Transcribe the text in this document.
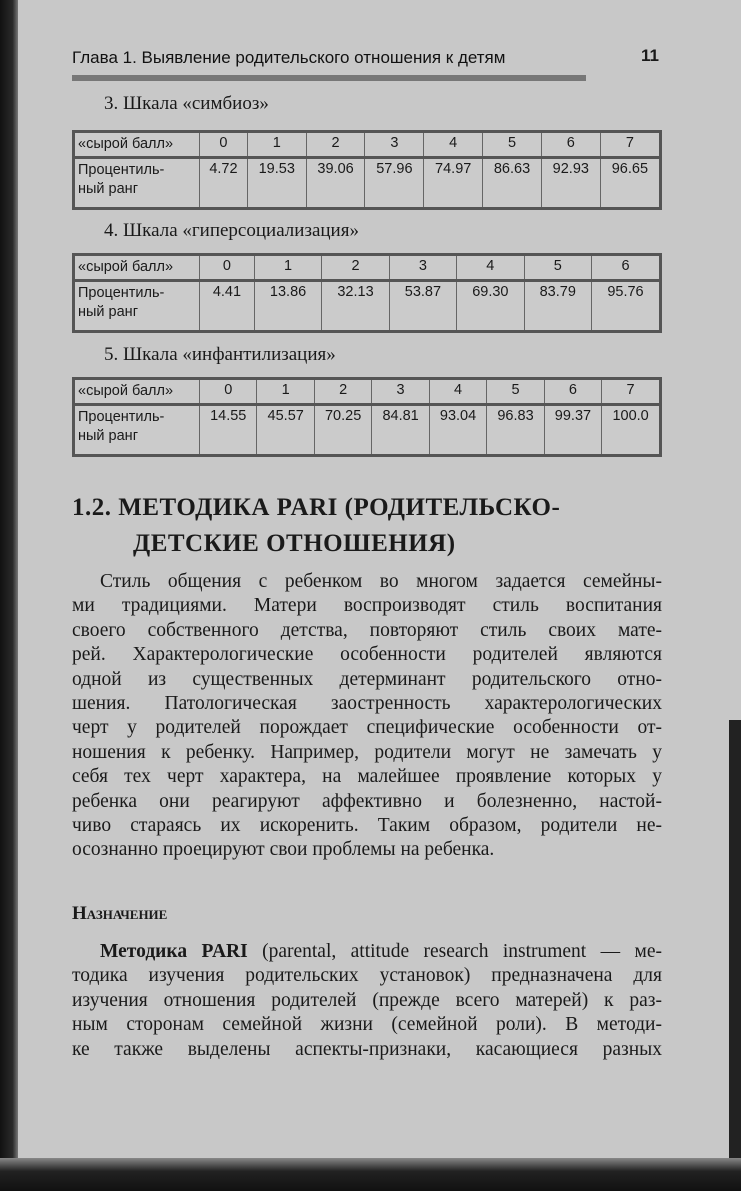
Глава 1. Выявление родительского отношения к детям	11
3. Шкала «симбиоз»
«сырой балл»	0	1	2	3	4	5	6	7
Процентиль-
ный ранг	4.72	19.53	39.06	57.96	74.97	86.63	92.93	96.65
4. Шкала «гиперсоциализация»
«сырой балл»	0	1	2	3	4	5	6
Процентиль-
ный ранг	4.41	13.86	32.13	53.87	69.30	83.79	95.76
5. Шкала «инфантилизация»
«сырой балл»	0	1	2	3	4	5	6	7
Процентиль-
ный ранг	14.55	45.57	70.25	84.81	93.04	96.83	99.37	100.0
1.2. МЕТОДИКА PARI (РОДИТЕЛЬСКО-
ДЕТСКИЕ ОТНОШЕНИЯ)
Стиль общения с ребенком во многом задается семейны-
ми традициями. Матери воспроизводят стиль воспитания
своего собственного детства, повторяют стиль своих мате-
рей. Характерологические особенности родителей являются
одной из существенных детерминант родительского отно-
шения. Патологическая заостренность характерологических
черт у родителей порождает специфические особенности от-
ношения к ребенку. Например, родители могут не замечать у
себя тех черт характера, на малейшее проявление которых у
ребенка они реагируют аффективно и болезненно, настой-
чиво стараясь их искоренить. Таким образом, родители не-
осознанно проецируют свои проблемы на ребенка.
Назначение
Методика PARI (parental, attitude research instrument — ме-
тодика изучения родительских установок) предназначена для
изучения отношения родителей (прежде всего матерей) к раз-
ным сторонам семейной жизни (семейной роли). В методи-
ке также выделены аспекты-признаки, касающиеся разных
